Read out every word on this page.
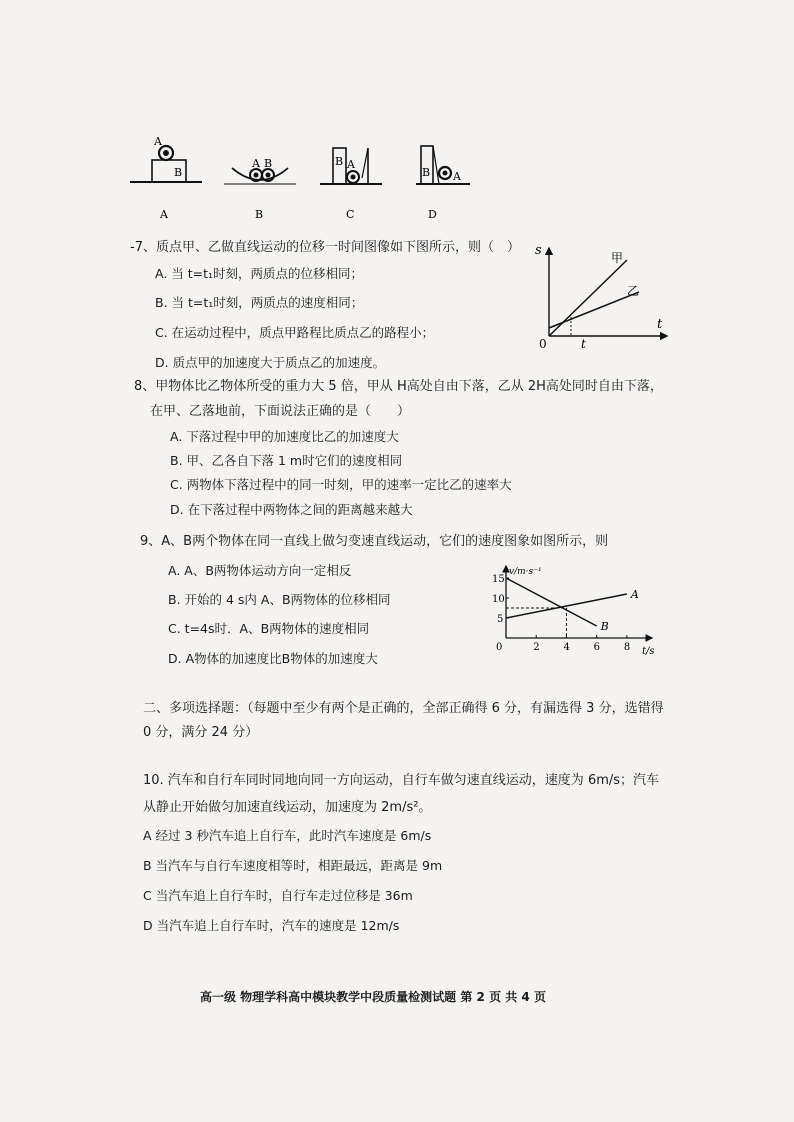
A
B
A B	B A
B A
A	B	C	D
-7、质点甲、乙做直线运动的位移一时间图像如下图所示，则（　）
A. 当 t=t₁时刻，两质点的位移相同；
B. 当 t=t₁时刻，两质点的速度相同；
C. 在运动过程中，质点甲路程比质点乙的路程小；
D. 质点甲的加速度大于质点乙的加速度。
s
t
0	t
甲
乙
8、甲物体比乙物体所受的重力大 5 倍，甲从 H高处自由下落，乙从 2H高处同时自由下落，
在甲、乙落地前，下面说法正确的是（　　）
A. 下落过程中甲的加速度比乙的加速度大
B. 甲、乙各自下落 1 m时它们的速度相同
C. 两物体下落过程中的同一时刻，甲的速率一定比乙的速率大
D. 在下落过程中两物体之间的距离越来越大
9、A、B两个物体在同一直线上做匀变速直线运动，它们的速度图象如图所示，则
A. A、B两物体运动方向一定相反
B. 开始的 4 s内 A、B两物体的位移相同
C. t=4s时．A、B两物体的速度相同
D. A物体的加速度比B物体的加速度大
v/m·s⁻¹
t/s
0	2 4 6 8
5
10
15
A
B
二、多项选择题：（每题中至少有两个是正确的，全部正确得 6 分，有漏选得 3 分，选错得
0 分，满分 24 分）
10. 汽车和自行车同时同地向同一方向运动，自行车做匀速直线运动，速度为 6m/s；汽车
从静止开始做匀加速直线运动，加速度为 2m/s²。
A 经过 3 秒汽车追上自行车，此时汽车速度是 6m/s
B 当汽车与自行车速度相等时，相距最远，距离是 9m
C 当汽车追上自行车时，自行车走过位移是 36m
D 当汽车追上自行车时，汽车的速度是 12m/s
高一级 物理学科高中模块教学中段质量检测试题 第 2 页 共 4 页
